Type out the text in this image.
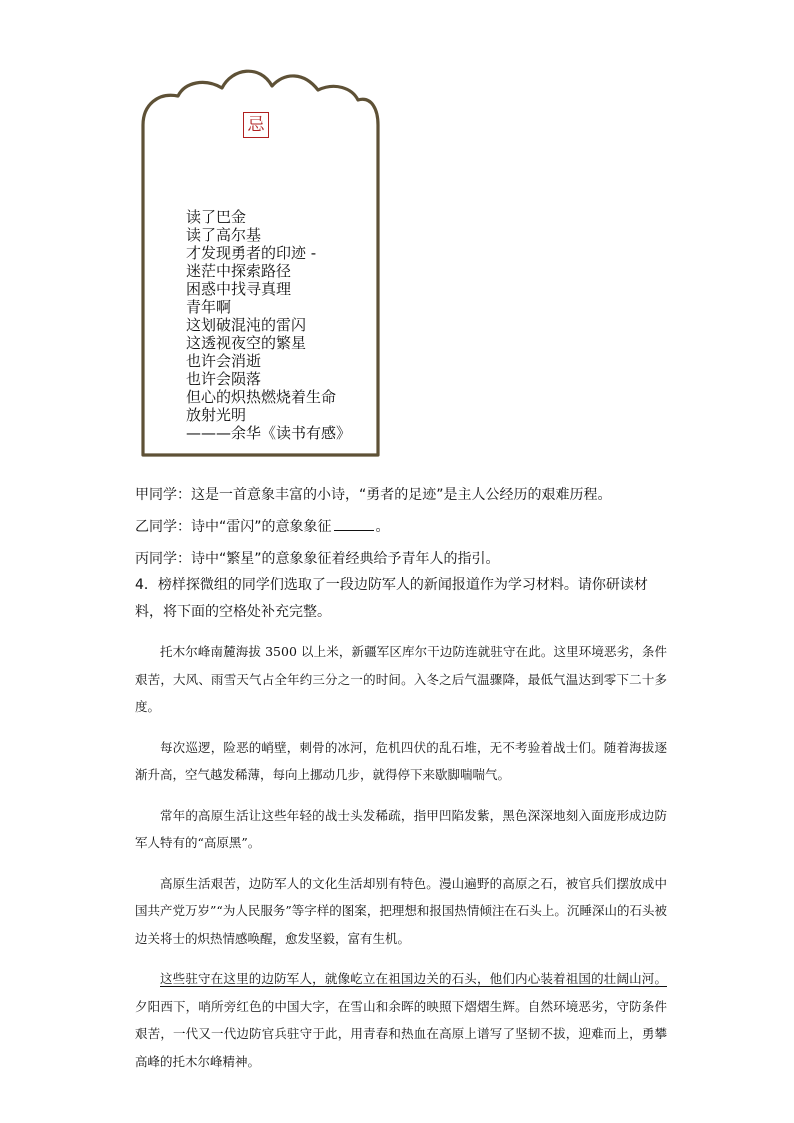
忌
读了巴金
读了高尔基
才发现勇者的印迹 -
迷茫中探索路径
困惑中找寻真理
青年啊
这划破混沌的雷闪
这透视夜空的繁星
也许会消逝
也许会陨落
但心的炽热燃烧着生命
放射光明
———余华《读书有感》
甲同学：这是一首意象丰富的小诗，“勇者的足迹”是主人公经历的艰难历程。
乙同学：诗中“雷闪”的意象象征	。
丙同学：诗中“繁星”的意象象征着经典给予青年人的指引。
4．榜样探微组的同学们选取了一段边防军人的新闻报道作为学习材料。请你研读材料，将下面的空格处补充完整。

托木尔峰南麓海拔 3500 以上米，新疆军区库尔干边防连就驻守在此。这里环境恶劣，条件艰苦，大风、雨雪天气占全年约三分之一的时间。入冬之后气温骤降，最低气温达到零下二十多度。

每次巡逻，险恶的峭壁，刺骨的冰河，危机四伏的乱石堆，无不考验着战士们。随着海拔逐渐升高，空气越发稀薄，每向上挪动几步，就得停下来歇脚喘喘气。

常年的高原生活让这些年轻的战士头发稀疏，指甲凹陷发紫，黑色深深地刻入面庞形成边防军人特有的“高原黑”。

高原生活艰苦，边防军人的文化生活却别有特色。漫山遍野的高原之石，被官兵们摆放成中国共产党万岁”“为人民服务”等字样的图案，把理想和报国热情倾注在石头上。沉睡深山的石头被边关将士的炽热情感唤醒，愈发坚毅，富有生机。

这些驻守在这里的边防军人，就像屹立在祖国边关的石头，他们内心装着祖国的壮阔山河。夕阳西下，哨所旁红色的中国大字，在雪山和余晖的映照下熠熠生辉。自然环境恶劣，守防条件艰苦，一代又一代边防官兵驻守于此，用青春和热血在高原上谱写了坚韧不拔，迎难而上，勇攀高峰的托木尔峰精神。
